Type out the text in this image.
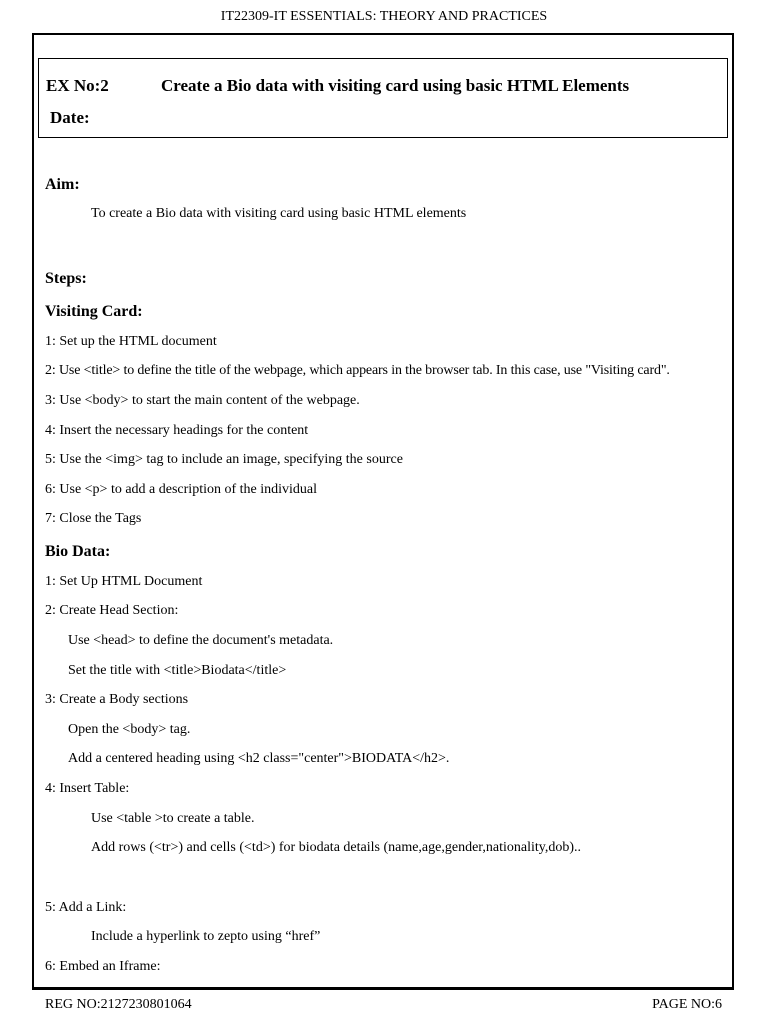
IT22309-IT ESSENTIALS: THEORY AND PRACTICES
EX No:2	Create a Bio data with visiting card using basic HTML Elements
Date:
Aim:
To create a Bio data with visiting card using basic HTML elements
Steps:
Visiting Card:
1: Set up the HTML document
2: Use <title> to define the title of the webpage, which appears in the browser tab. In this case, use "Visiting card".
3: Use <body> to start the main content of the webpage.
4: Insert the necessary headings for the content
5: Use the <img> tag to include an image, specifying the source
6: Use <p> to add a description of the individual
7: Close the Tags
Bio Data:
1: Set Up HTML Document
2: Create Head Section:
Use <head> to define the document's metadata.
Set the title with <title>Biodata</title>
3: Create a Body sections
Open the <body> tag.
Add a centered heading using <h2 class="center">BIODATA</h2>.
4: Insert Table:
Use <table >to create a table.
Add rows (<tr>) and cells (<td>) for biodata details (name,age,gender,nationality,dob)..
5: Add a Link:
Include a hyperlink to zepto using “href”
6: Embed an Iframe:
REG NO:2127230801064	PAGE NO:6
